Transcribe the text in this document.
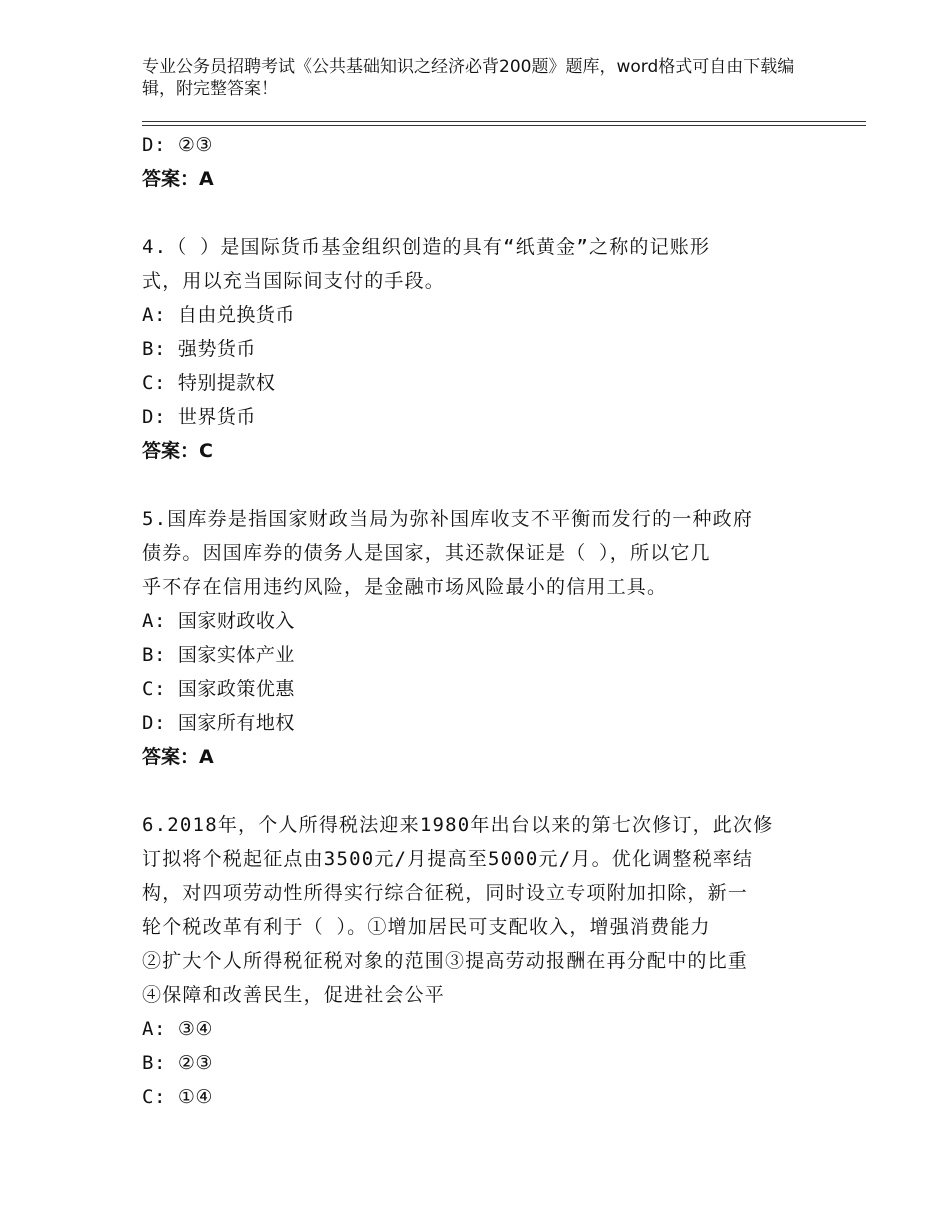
专业公务员招聘考试《公共基础知识之经济必背200题》题库，word格式可自由下载编辑，附完整答案！
D: ②③
答案：A
4.（ ）是国际货币基金组织创造的具有“纸黄金”之称的记账形
式，用以充当国际间支付的手段。
A: 自由兑换货币
B: 强势货币
C: 特别提款权
D: 世界货币
答案：C
5.国库券是指国家财政当局为弥补国库收支不平衡而发行的一种政府
债券。因国库券的债务人是国家，其还款保证是（ ），所以它几
乎不存在信用违约风险，是金融市场风险最小的信用工具。
A: 国家财政收入
B: 国家实体产业
C: 国家政策优惠
D: 国家所有地权
答案：A
6.2018年，个人所得税法迎来1980年出台以来的第七次修订，此次修
订拟将个税起征点由3500元/月提高至5000元/月。优化调整税率结
构，对四项劳动性所得实行综合征税，同时设立专项附加扣除，新一
轮个税改革有利于（ ）。①增加居民可支配收入，增强消费能力
②扩大个人所得税征税对象的范围③提高劳动报酬在再分配中的比重
④保障和改善民生，促进社会公平
A: ③④
B: ②③
C: ①④
